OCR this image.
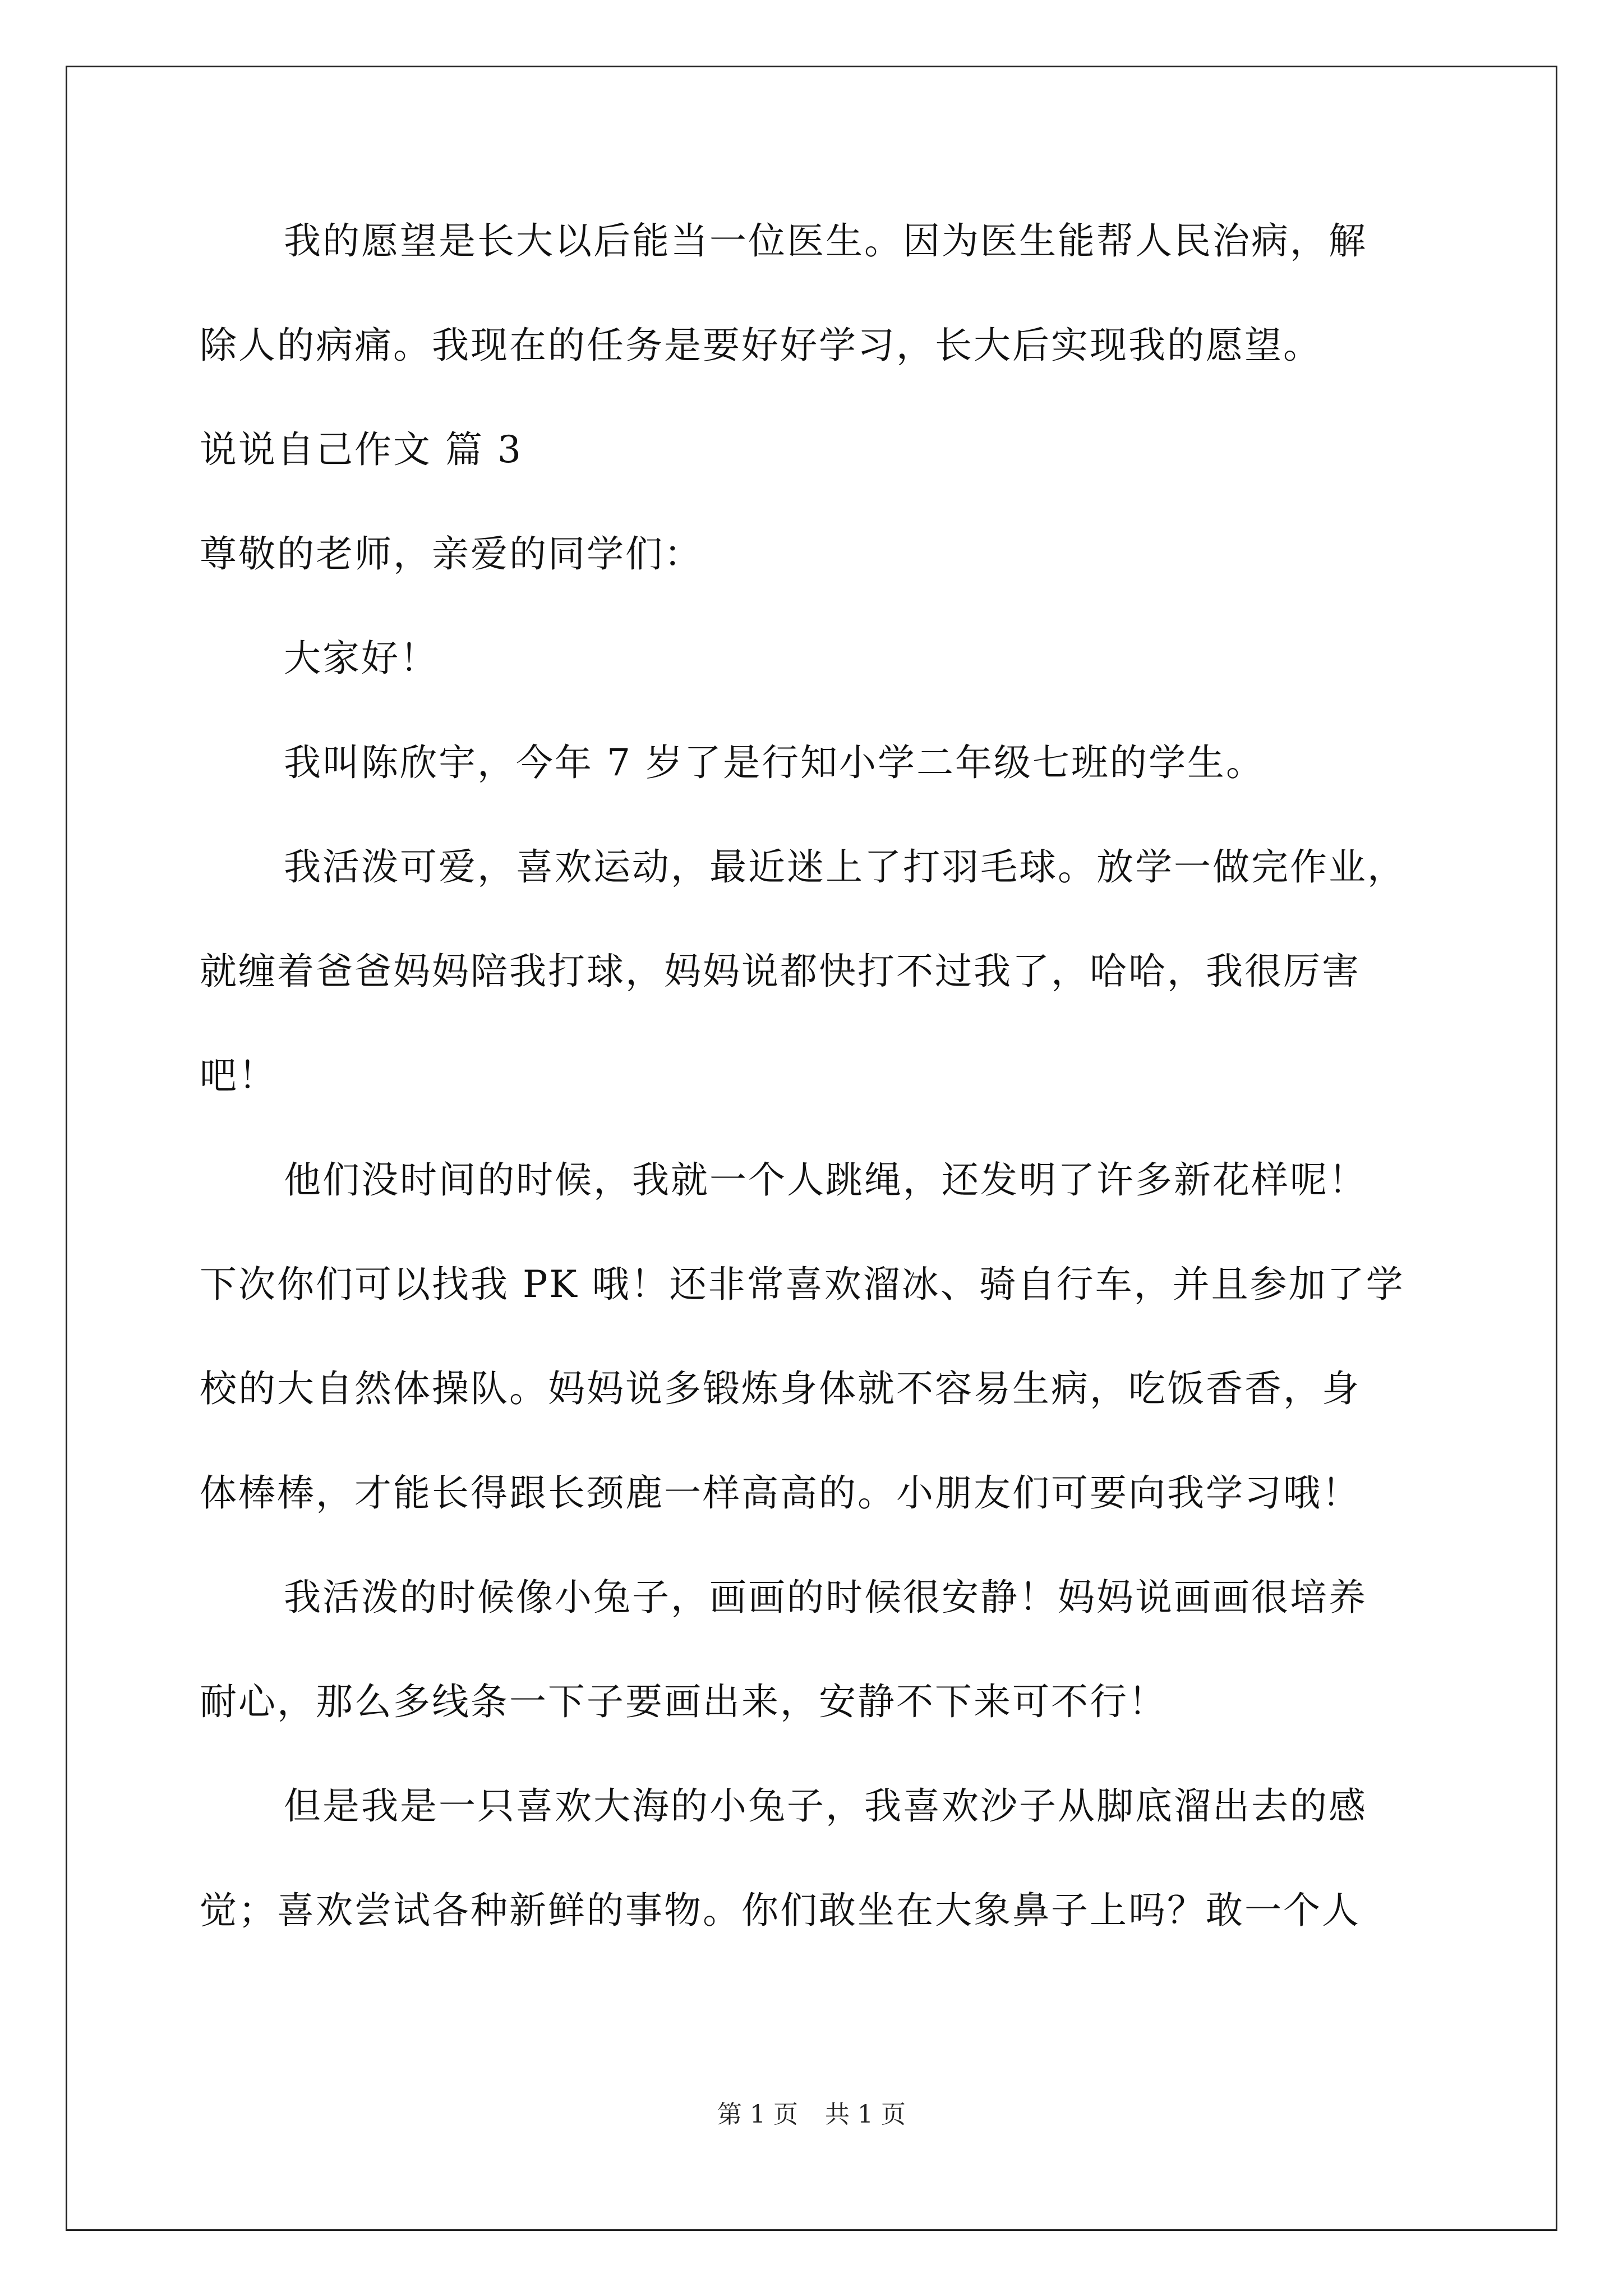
我的愿望是长大以后能当一位医生。因为医生能帮人民治病，解
除人的病痛。我现在的任务是要好好学习，长大后实现我的愿望。
说说自己作文 篇 3
尊敬的老师，亲爱的同学们：
大家好！
我叫陈欣宇，今年 7 岁了是行知小学二年级七班的学生。
我活泼可爱，喜欢运动，最近迷上了打羽毛球。放学一做完作业，
就缠着爸爸妈妈陪我打球，妈妈说都快打不过我了，哈哈，我很厉害
吧！
他们没时间的时候，我就一个人跳绳，还发明了许多新花样呢！
下次你们可以找我 PK 哦！还非常喜欢溜冰、骑自行车，并且参加了学
校的大自然体操队。妈妈说多锻炼身体就不容易生病，吃饭香香，身
体棒棒，才能长得跟长颈鹿一样高高的。小朋友们可要向我学习哦！
我活泼的时候像小兔子，画画的时候很安静！妈妈说画画很培养
耐心，那么多线条一下子要画出来，安静不下来可不行！
但是我是一只喜欢大海的小兔子，我喜欢沙子从脚底溜出去的感
觉；喜欢尝试各种新鲜的事物。你们敢坐在大象鼻子上吗？敢一个人
第 1 页 共 1 页
